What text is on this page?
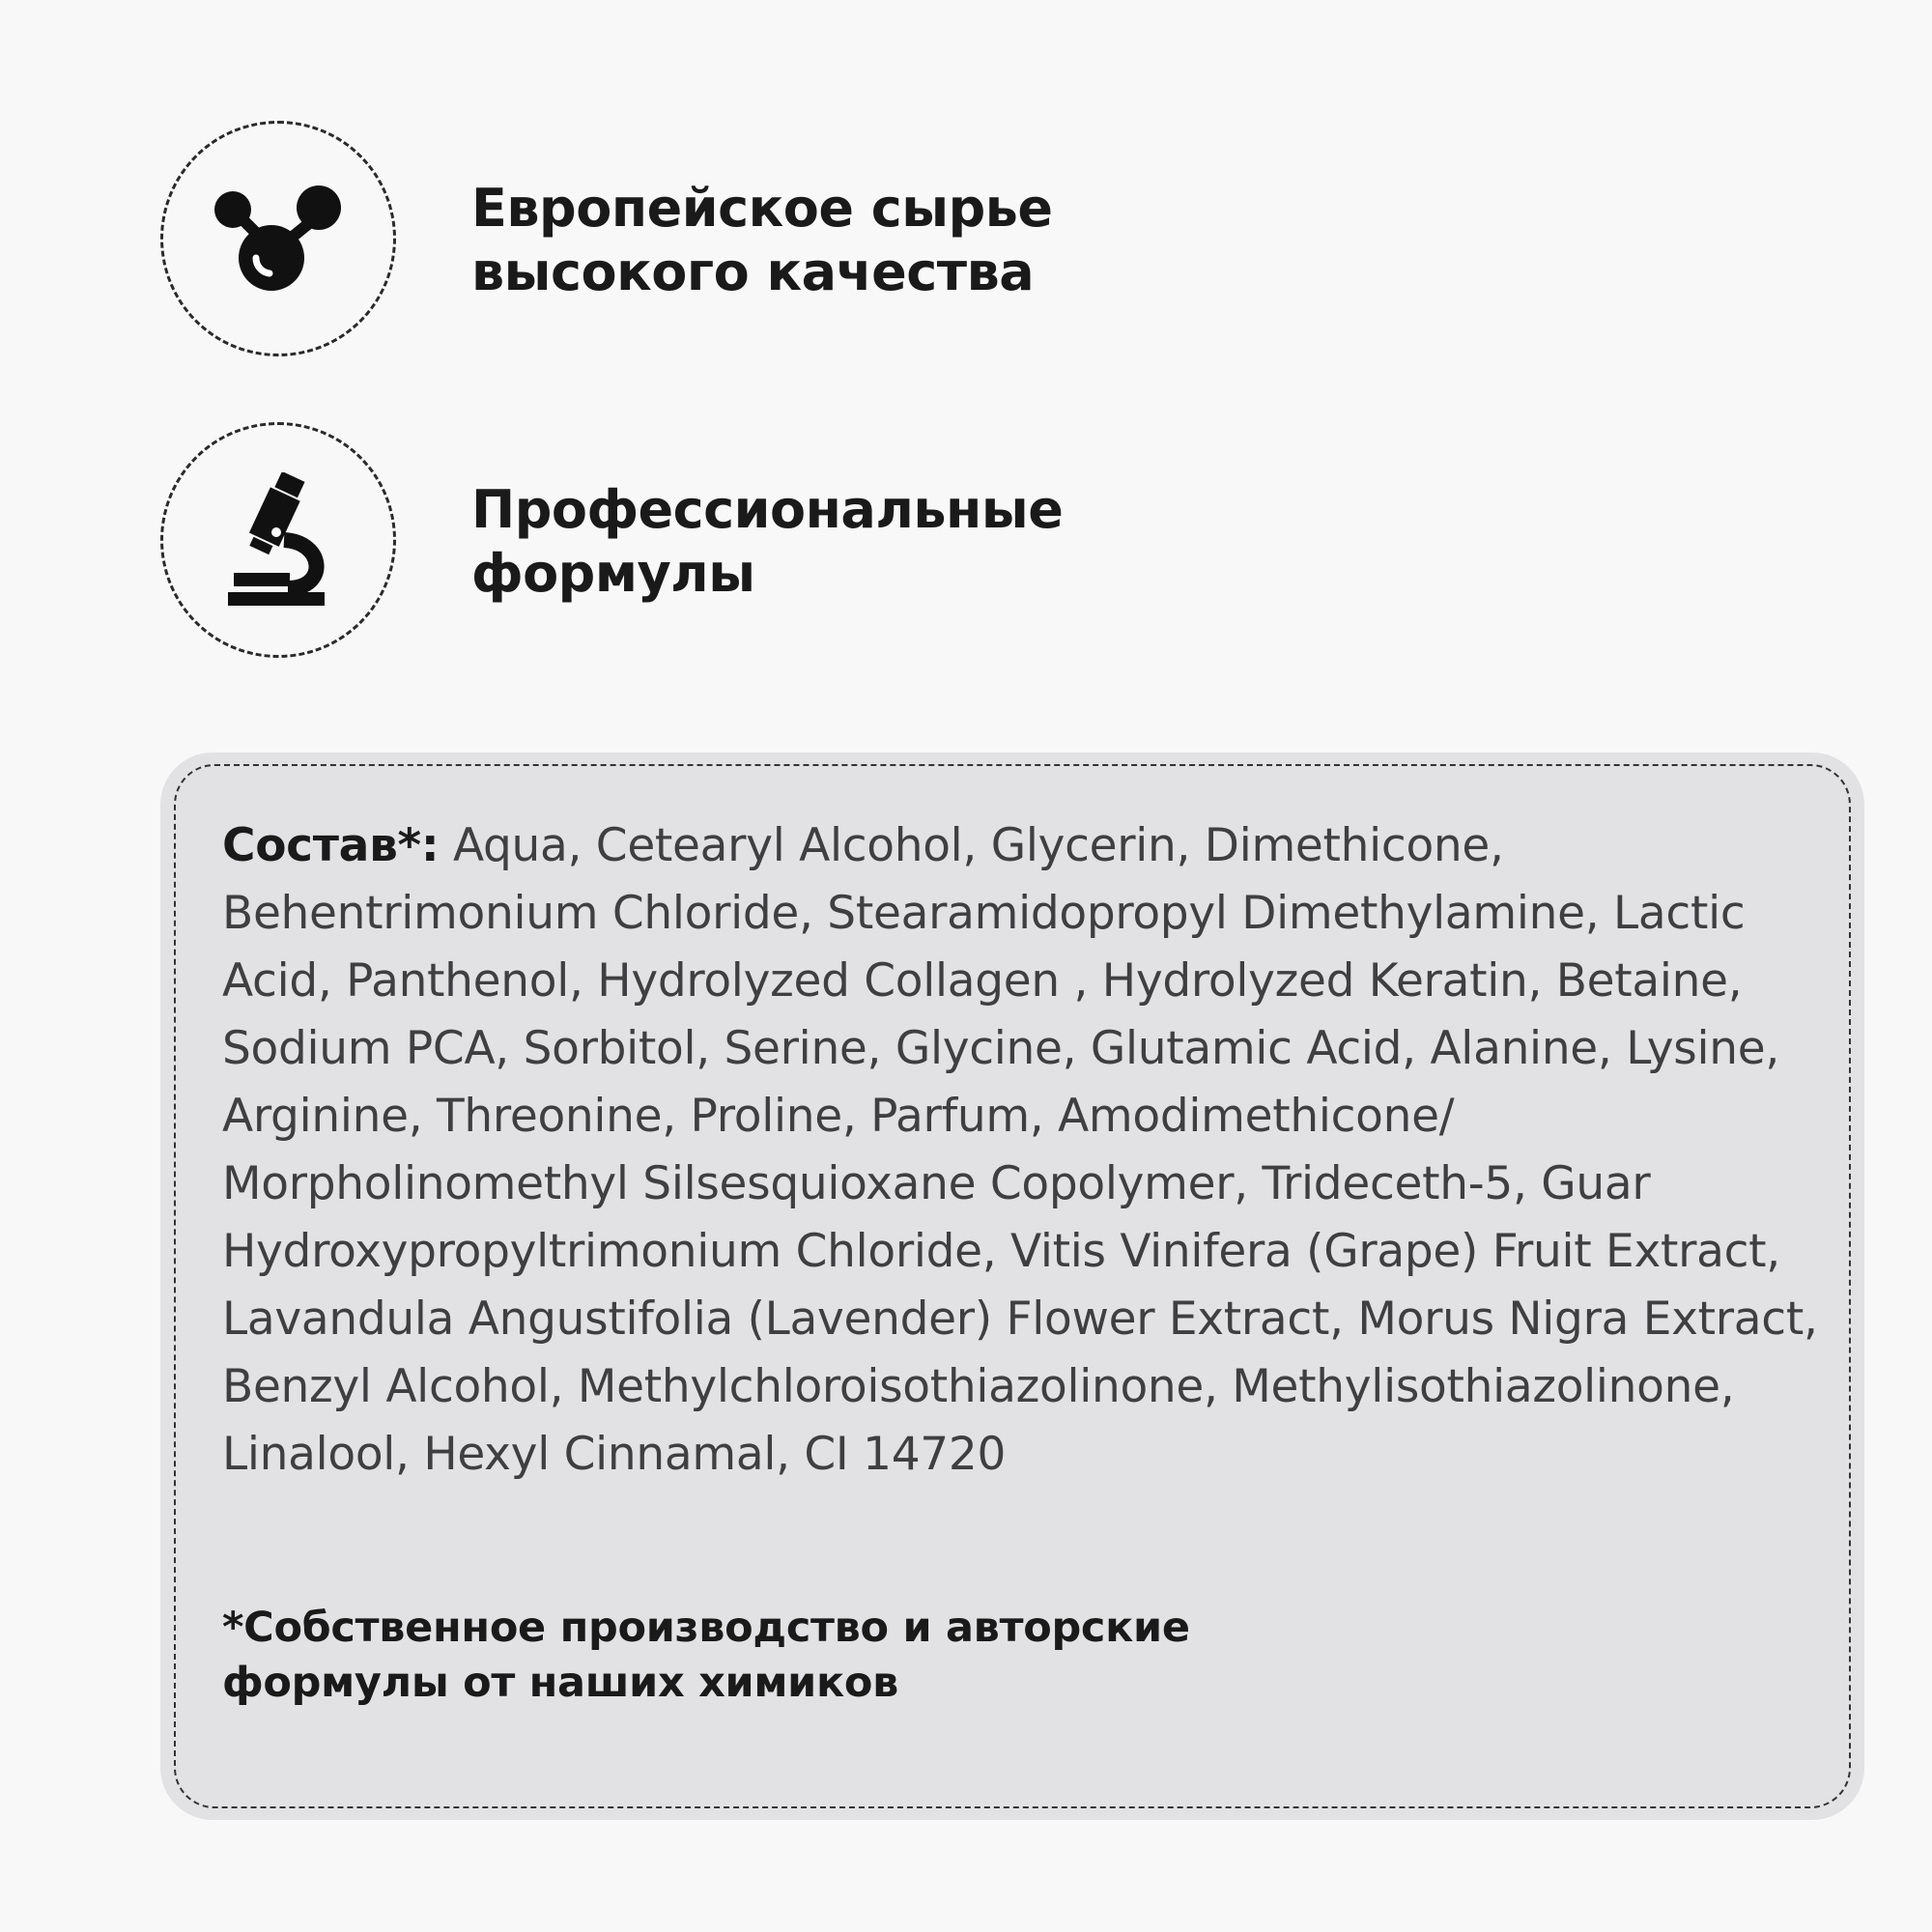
Европейское сырье
высокого качества
Профессиональные
формулы
Состав*: Aqua, Cetearyl Alcohol, Glycerin, Dimethicone,
Behentrimonium Chloride, Stearamidopropyl Dimethylamine, Lactic
Acid, Panthenol, Hydrolyzed Collagen , Hydrolyzed Keratin, Betaine,
Sodium PCA, Sorbitol, Serine, Glycine, Glutamic Acid, Alanine, Lysine,
Arginine, Threonine, Proline, Parfum, Amodimethicone/
Morpholinomethyl Silsesquioxane Copolymer, Trideceth-5, Guar
Hydroxypropyltrimonium Chloride, Vitis Vinifera (Grape) Fruit Extract,
Lavandula Angustifolia (Lavender) Flower Extract, Morus Nigra Extract,
Benzyl Alcohol, Methylchloroisothiazolinone, Methylisothiazolinone,
Linalool, Hexyl Cinnamal, CI 14720
*Собственное производство и авторские
формулы от наших химиков
